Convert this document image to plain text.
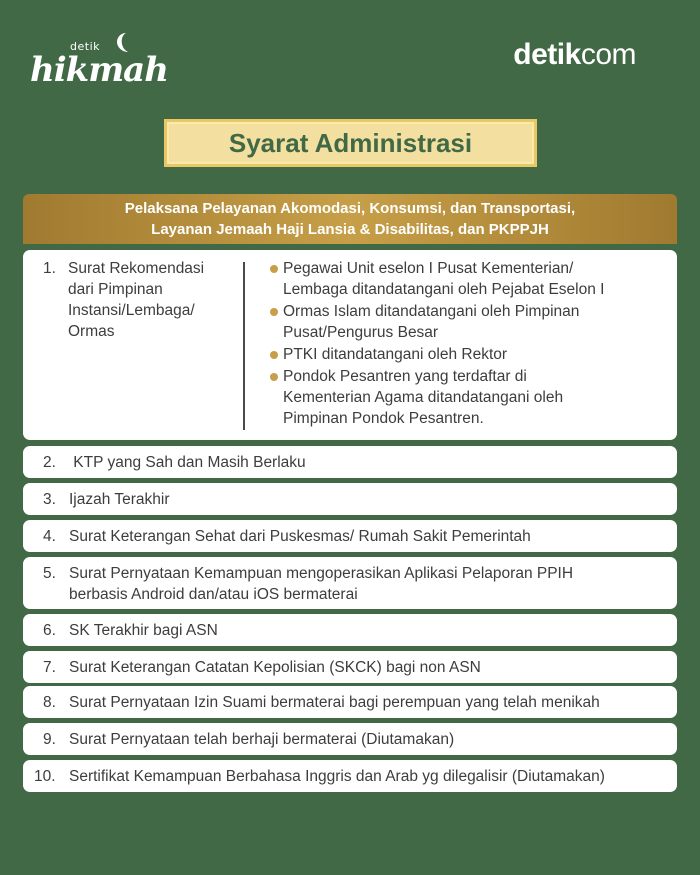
detik
hikmah	detikcom
Syarat Administrasi
Pelaksana Pelayanan Akomodasi, Konsumsi, dan Transportasi,
Layanan Jemaah Haji Lansia & Disabilitas, dan PKPPJH
1. Surat Rekomendasi
dari Pimpinan
Instansi/Lembaga/
Ormas
Pegawai Unit eselon I Pusat Kementerian/
Lembaga ditandatangani oleh Pejabat Eselon I
Ormas Islam ditandatangani oleh Pimpinan
Pusat/Pengurus Besar
PTKI ditandatangani oleh Rektor
Pondok Pesantren yang terdaftar di
Kementerian Agama ditandatangani oleh
Pimpinan Pondok Pesantren.
2. KTP yang Sah dan Masih Berlaku
3. Ijazah Terakhir
4. Surat Keterangan Sehat dari Puskesmas/ Rumah Sakit Pemerintah
5. Surat Pernyataan Kemampuan mengoperasikan Aplikasi Pelaporan PPIH
berbasis Android dan/atau iOS bermaterai
6. SK Terakhir bagi ASN
7. Surat Keterangan Catatan Kepolisian (SKCK) bagi non ASN
8. Surat Pernyataan Izin Suami bermaterai bagi perempuan yang telah menikah
9. Surat Pernyataan telah berhaji bermaterai (Diutamakan)
10. Sertifikat Kemampuan Berbahasa Inggris dan Arab yg dilegalisir (Diutamakan)
